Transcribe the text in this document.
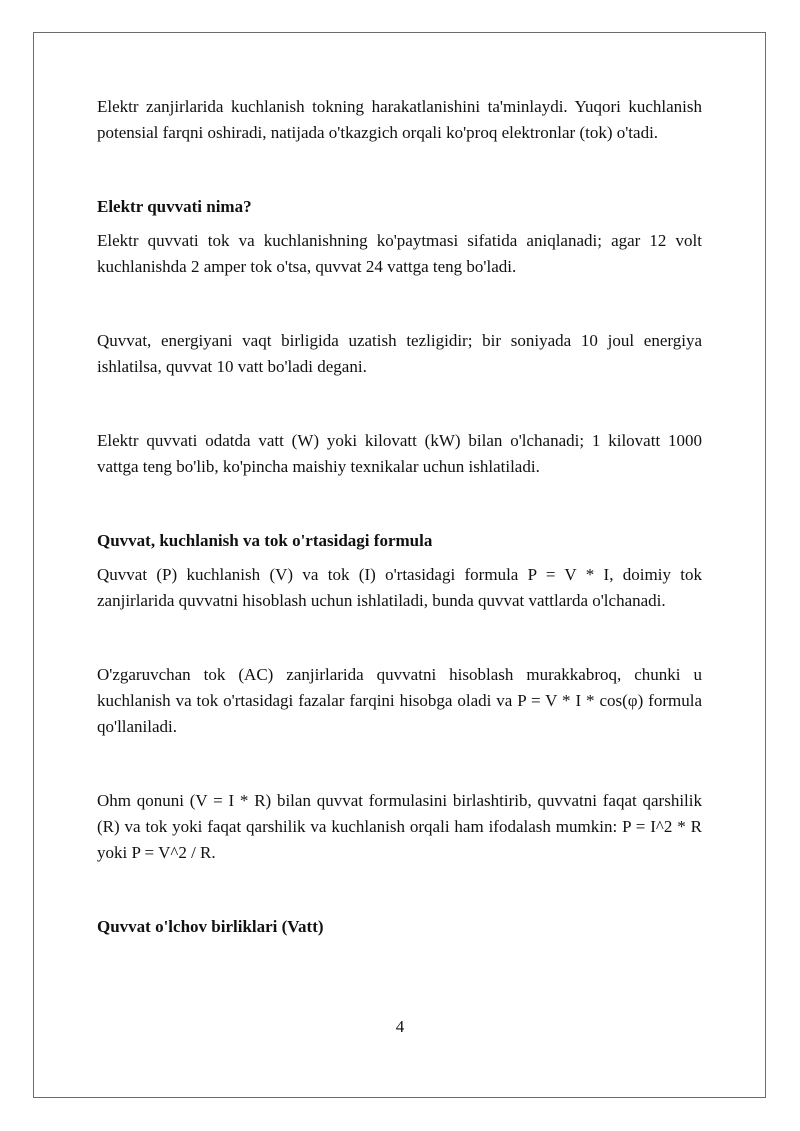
Elektr zanjirlarida kuchlanish tokning harakatlanishini ta'minlaydi. Yuqori kuchlanish potensial farqni oshiradi, natijada o'tkazgich orqali ko'proq elektronlar (tok) o'tadi.

Elektr quvvati nima?

Elektr quvvati tok va kuchlanishning ko'paytmasi sifatida aniqlanadi; agar 12 volt kuchlanishda 2 amper tok o'tsa, quvvat 24 vattga teng bo'ladi.

Quvvat, energiyani vaqt birligida uzatish tezligidir; bir soniyada 10 joul energiya ishlatilsa, quvvat 10 vatt bo'ladi degani.

Elektr quvvati odatda vatt (W) yoki kilovatt (kW) bilan o'lchanadi; 1 kilovatt 1000 vattga teng bo'lib, ko'pincha maishiy texnikalar uchun ishlatiladi.

Quvvat, kuchlanish va tok o'rtasidagi formula

Quvvat (P) kuchlanish (V) va tok (I) o'rtasidagi formula P = V * I, doimiy tok zanjirlarida quvvatni hisoblash uchun ishlatiladi, bunda quvvat vattlarda o'lchanadi.

O'zgaruvchan tok (AC) zanjirlarida quvvatni hisoblash murakkabroq, chunki u kuchlanish va tok o'rtasidagi fazalar farqini hisobga oladi va P = V * I * cos(φ) formula qo'llaniladi.

Ohm qonuni (V = I * R) bilan quvvat formulasini birlashtirib, quvvatni faqat qarshilik (R) va tok yoki faqat qarshilik va kuchlanish orqali ham ifodalash mumkin: P = I^2 * R yoki P = V^2 / R.

Quvvat o'lchov birliklari (Vatt)

4
